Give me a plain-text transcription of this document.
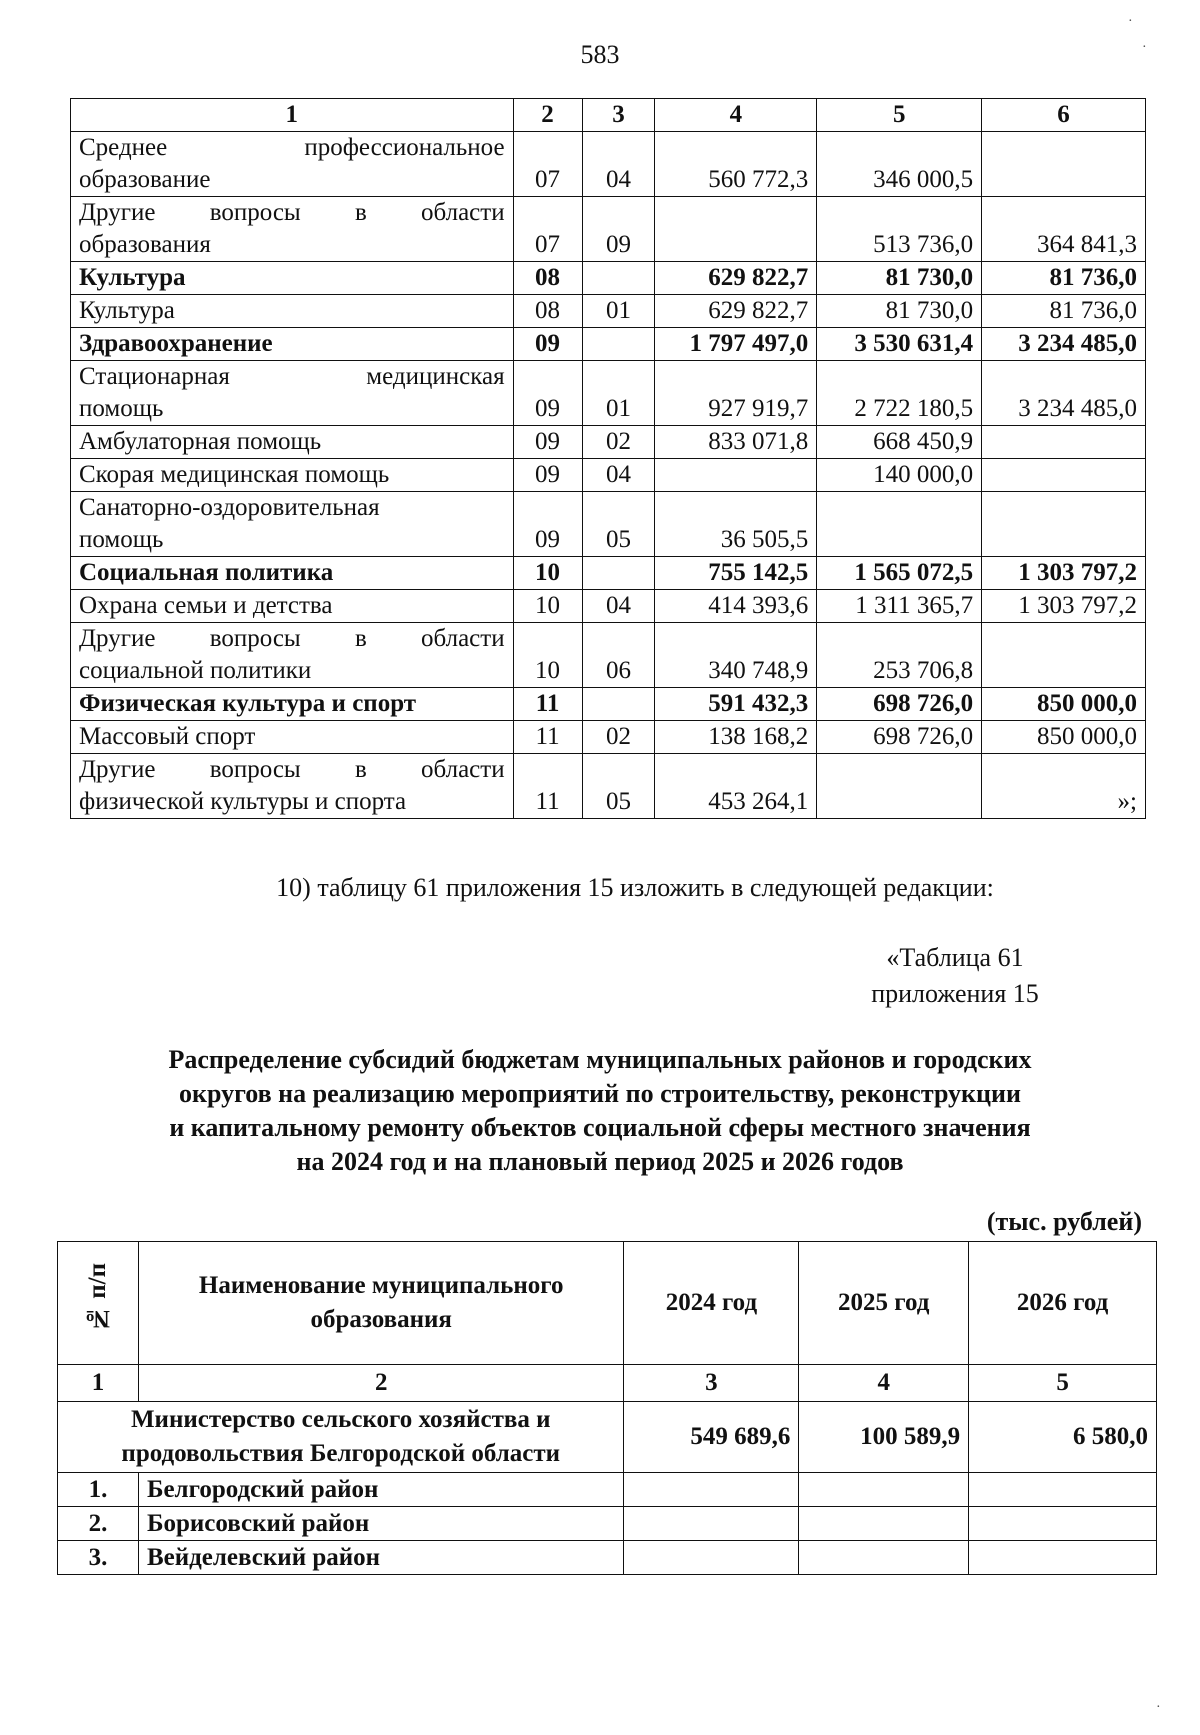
583
1	2	3	4	5	6

Среднее профессиональное
образование	07	04	560 772,3	346 000,5	

Другие вопросы в области
образования	07	09		513 736,0	364 841,3
Культура	08		629 822,7	81 730,0	81 736,0
Культура	08	01	629 822,7	81 730,0	81 736,0
Здравоохранение	09		1 797 497,0	3 530 631,4	3 234 485,0

Стационарная медицинская
помощь	09	01	927 919,7	2 722 180,5	3 234 485,0
Амбулаторная помощь	09	02	833 071,8	668 450,9	
Скорая медицинская помощь	09	04		140 000,0	

Санаторно-оздоровительная
помощь	09	05	36 505,5		
Социальная политика	10		755 142,5	1 565 072,5	1 303 797,2
Охрана семьи и детства	10	04	414 393,6	1 311 365,7	1 303 797,2

Другие вопросы в области
социальной политики	10	06	340 748,9	253 706,8	
Физическая культура и спорт	11		591 432,3	698 726,0	850 000,0
Массовый спорт	11	02	138 168,2	698 726,0	850 000,0

Другие вопросы в области
физической культуры и спорта	11	05	453 264,1		»;
10) таблицу 61 приложения 15 изложить в следующей редакции:
«Таблица 61
приложения 15
Распределение субсидий бюджетам муниципальных районов и городских
округов на реализацию мероприятий по строительству, реконструкции
и капитальному ремонту объектов социальной сферы местного значения
на 2024 год и на плановый период 2025 и 2026 годов
(тыс. рублей)
№ п/п	Наименование муниципального
образования	2024 год	2025 год	2026 год
1	2	3	4	5

Министерство сельского хозяйства и
продовольствия Белгородской области		549 689,6	100 589,9	6 580,0
1.	Белгородский район			
2.	Борисовский район			
3.	Вейделевский район			
·
·
·
